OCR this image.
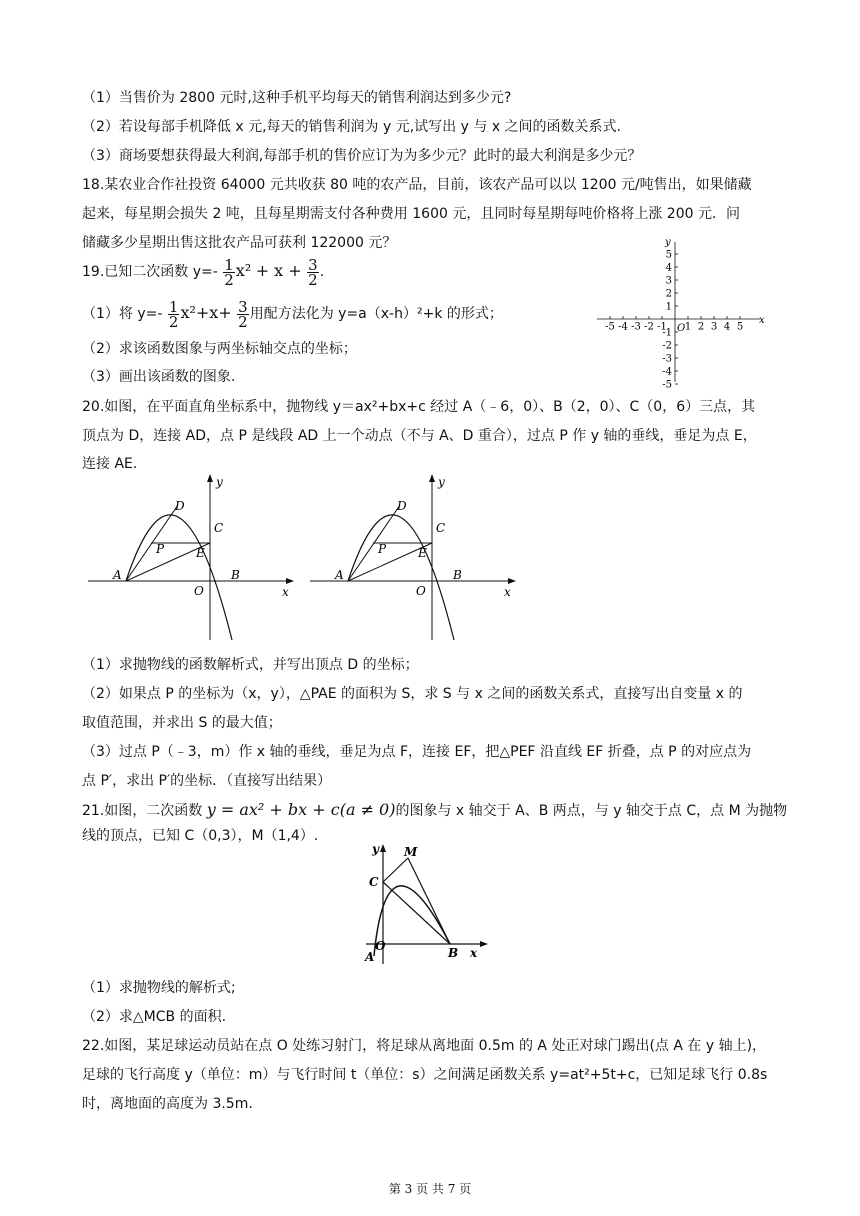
（1）当售价为 2800 元时,这种手机平均每天的销售利润达到多少元?
（2）若设每部手机降低 x 元,每天的销售利润为 y 元,试写出 y 与 x 之间的函数关系式.
（3）商场要想获得最大利润,每部手机的售价应订为为多少元？此时的最大利润是多少元？
18.某农业合作社投资 64000 元共收获 80 吨的农产品，目前，该农产品可以以 1200 元/吨售出，如果储藏
起来，每星期会损失 2 吨，且每星期需支付各种费用 1600 元，且同时每星期每吨价格将上涨 200 元．问
储藏多少星期出售这批农产品可获利 122000 元？
19.已知二次函数 $y=- \frac{1}{2} x^2 + x + \frac{3}{2}$ .
（1）将 $y=- \frac{1}{2} x^2+x+ \frac{3}{2}$ 用配方法化为 y=a（x-h）²+k 的形式；
（2）求该函数图象与两坐标轴交点的坐标；
（3）画出该函数的图象.
-5 -4 -3 -2 -1 1 2 3 4 5
5
4
3
2
1
-1
-2
-3
-4
-5
O
x
y
20.如图，在平面直角坐标系中，抛物线 y＝ax²+bx+c 经过 A（﹣6，0）、B（2，0）、C（0，6）三点，其
顶点为 D，连接 AD，点 P 是线段 AD 上一个动点（不与 A、D 重合），过点 P 作 y 轴的垂线，垂足为点 E，
连接 AE.
D
C
P	E
A
O
B
x
y
D
C
P	E
A
O
B
x
y
（1）求抛物线的函数解析式，并写出顶点 D 的坐标；
（2）如果点 P 的坐标为（x，y），△PAE 的面积为 S，求 S 与 x 之间的函数关系式，直接写出自变量 x 的
取值范围，并求出 S 的最大值；
（3）过点 P（﹣3，m）作 x 轴的垂线，垂足为点 F，连接 EF，把△PEF 沿直线 EF 折叠，点 P 的对应点为
点 P′，求出 P′的坐标．（直接写出结果）
21.如图，二次函数 y = ax² + bx + c(a ≠ 0)的图象与 x 轴交于 A、B 两点，与 y 轴交于点 C，点 M 为抛物
线的顶点，已知 C（0,3），M（1,4）.
y M
C
O
A	B x
（1）求抛物线的解析式;
（2）求△MCB 的面积.
22.如图，某足球运动员站在点 O 处练习射门，将足球从离地面 0.5m 的 A 处正对球门踢出(点 A 在 y 轴上)，
足球的飞行高度 y（单位：m）与飞行时间 t（单位：s）之间满足函数关系 y=at²+5t+c，已知足球飞行 0.8s
时，离地面的高度为 3.5m.
第 3 页 共 7 页
